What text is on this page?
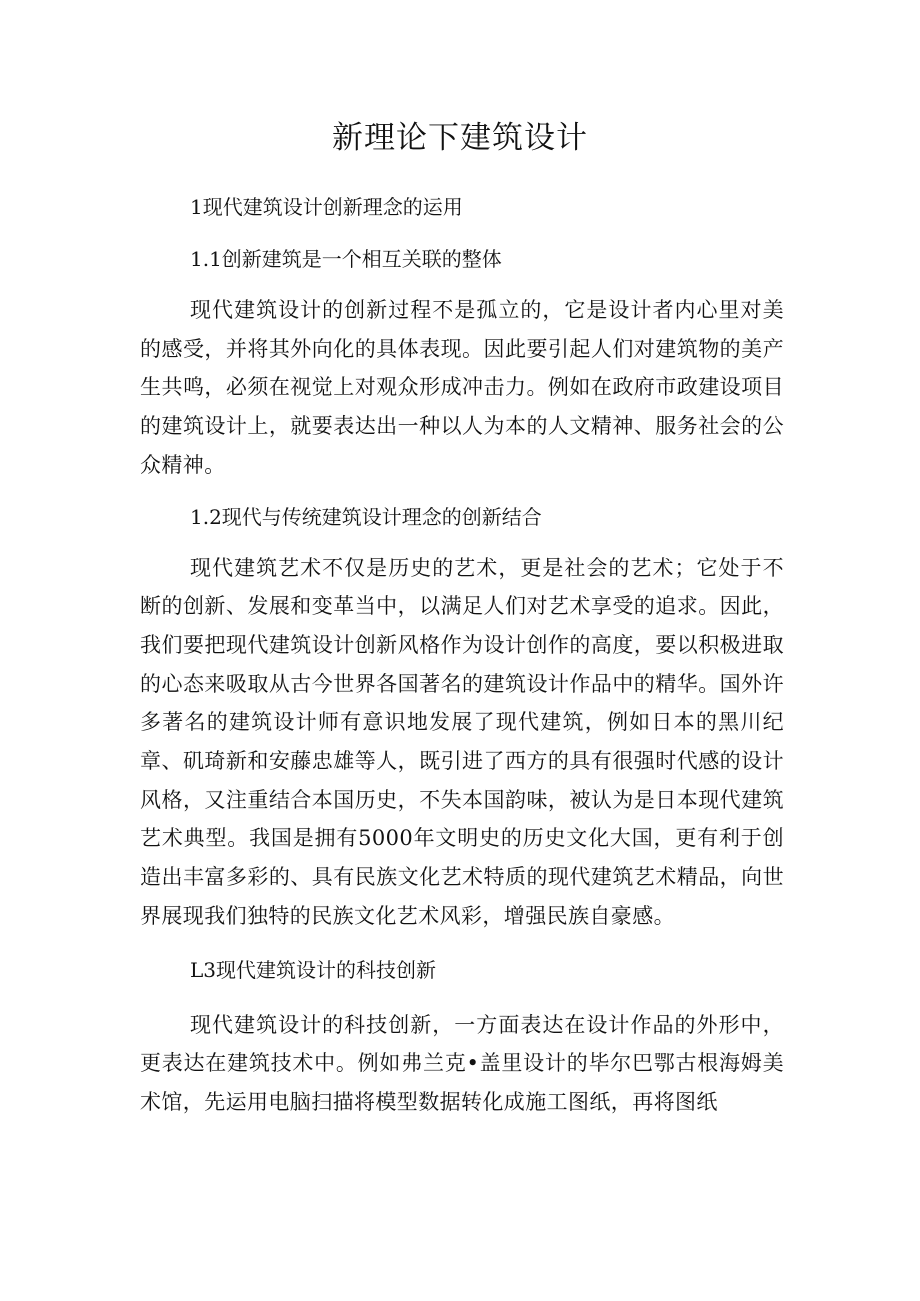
新理论下建筑设计
1现代建筑设计创新理念的运用
1.1创新建筑是一个相互关联的整体

现代建筑设计的创新过程不是孤立的，它是设计者内心里对美的感受，并将其外向化的具体表现。因此要引起人们对建筑物的美产生共鸣，必须在视觉上对观众形成冲击力。例如在政府市政建设项目的建筑设计上，就要表达出一种以人为本的人文精神、服务社会的公众精神。

1.2现代与传统建筑设计理念的创新结合

现代建筑艺术不仅是历史的艺术，更是社会的艺术；它处于不断的创新、发展和变革当中，以满足人们对艺术享受的追求。因此，我们要把现代建筑设计创新风格作为设计创作的高度，要以积极进取的心态来吸取从古今世界各国著名的建筑设计作品中的精华。国外许多著名的建筑设计师有意识地发展了现代建筑，例如日本的黑川纪章、矶琦新和安藤忠雄等人，既引进了西方的具有很强时代感的设计风格，又注重结合本国历史，不失本国韵味，被认为是日本现代建筑艺术典型。我国是拥有5000年文明史的历史文化大国，更有利于创造出丰富多彩的、具有民族文化艺术特质的现代建筑艺术精品，向世界展现我们独特的民族文化艺术风彩，增强民族自豪感。

L3现代建筑设计的科技创新

现代建筑设计的科技创新，一方面表达在设计作品的外形中，更表达在建筑技术中。例如弗兰克•盖里设计的毕尔巴鄂古根海姆美术馆，先运用电脑扫描将模型数据转化成施工图纸，再将图纸
